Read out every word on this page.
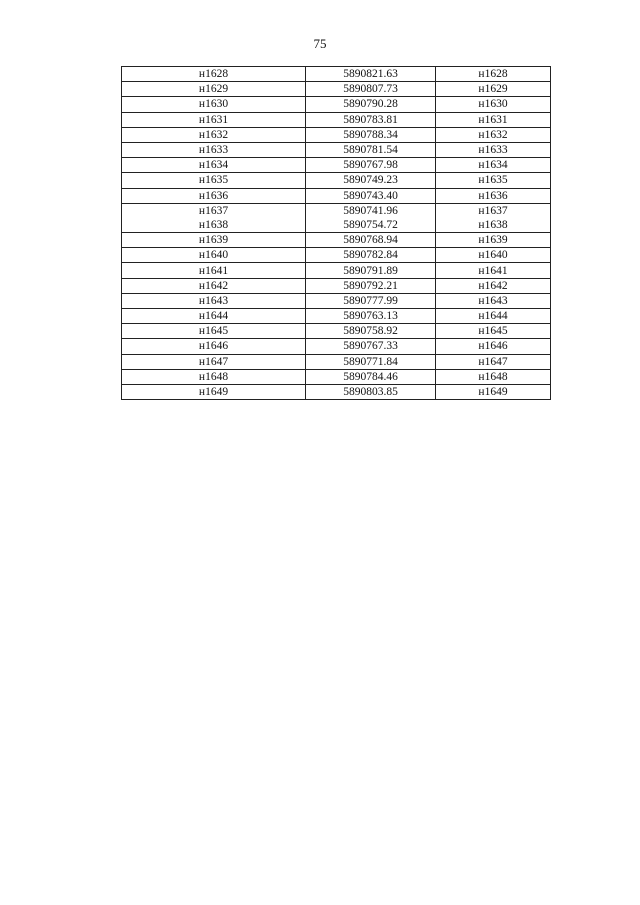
75
н1628	5890821.63	н1628
н1629	5890807.73	н1629
н1630	5890790.28	н1630
н1631	5890783.81	н1631
н1632	5890788.34	н1632
н1633	5890781.54	н1633
н1634	5890767.98	н1634
н1635	5890749.23	н1635
н1636	5890743.40	н1636
н1637	5890741.96	н1637
н1638	5890754.72	н1638
н1639	5890768.94	н1639
н1640	5890782.84	н1640
н1641	5890791.89	н1641
н1642	5890792.21	н1642
н1643	5890777.99	н1643
н1644	5890763.13	н1644
н1645	5890758.92	н1645
н1646	5890767.33	н1646
н1647	5890771.84	н1647
н1648	5890784.46	н1648
н1649	5890803.85	н1649
